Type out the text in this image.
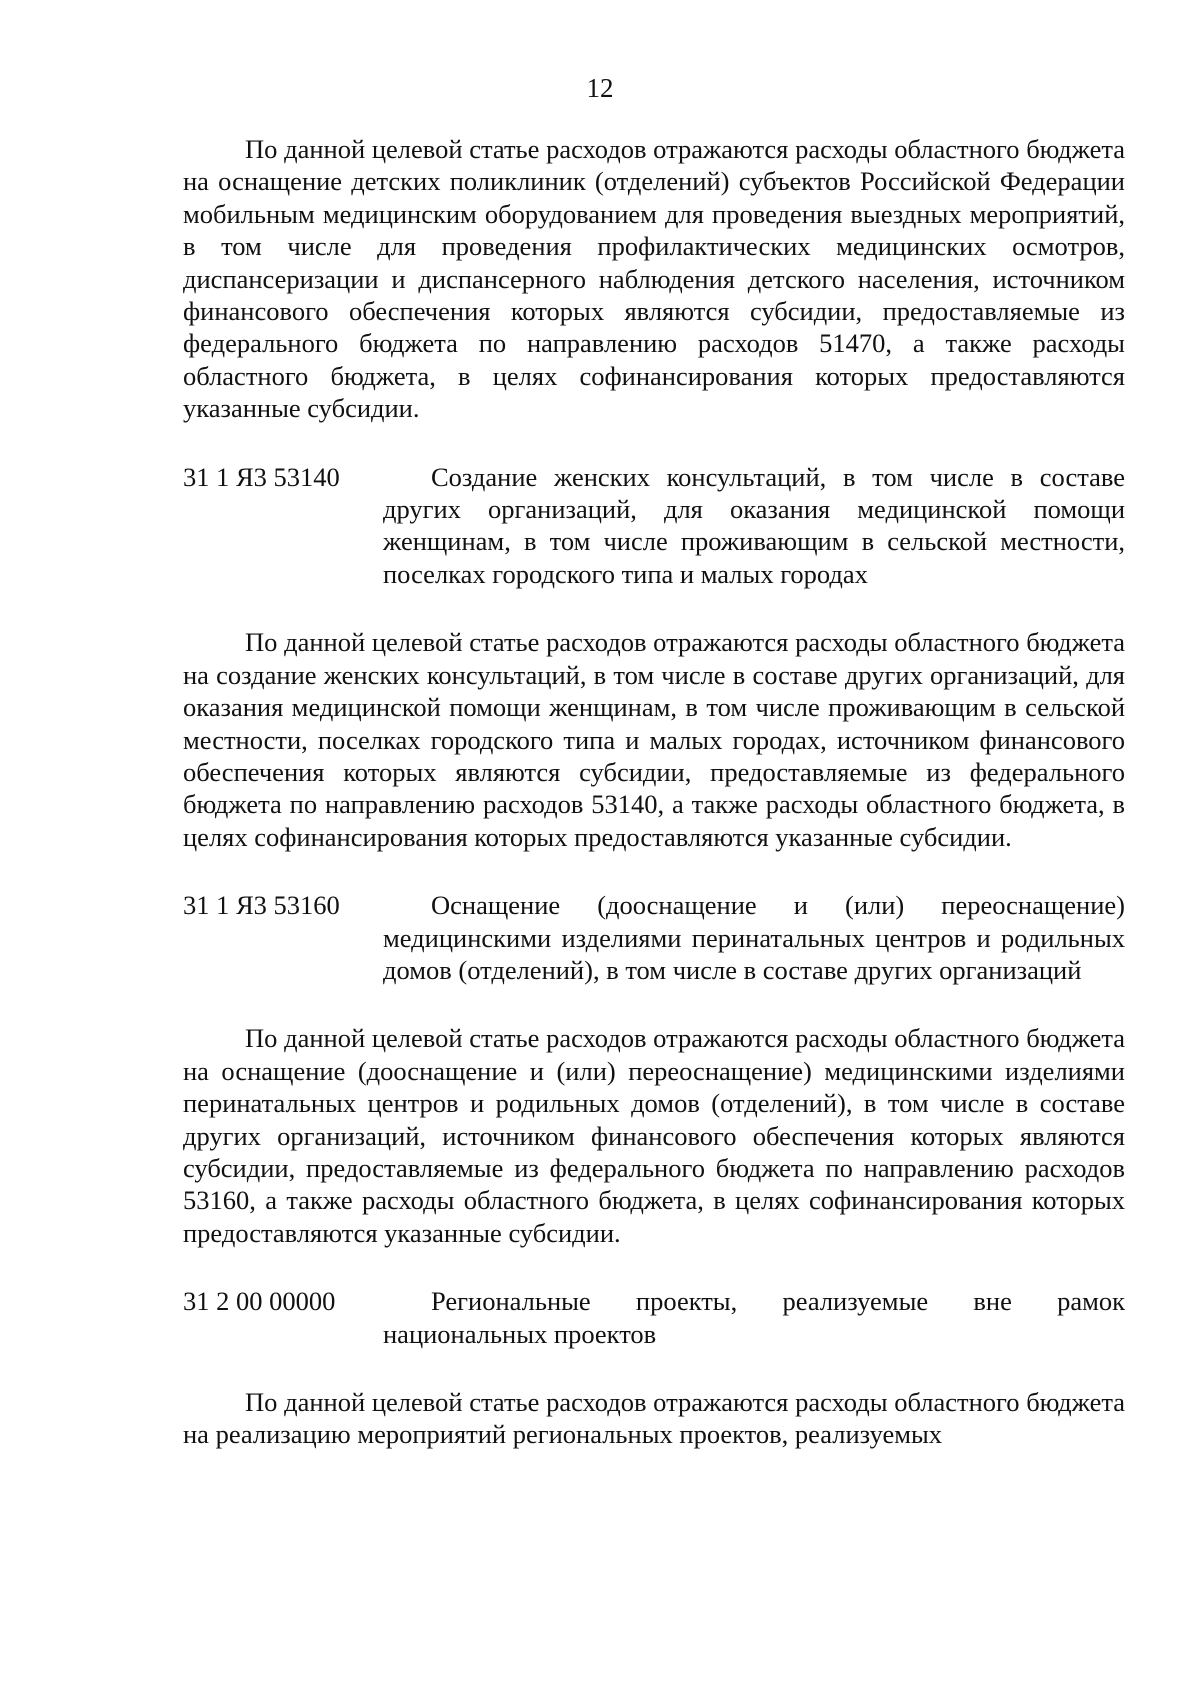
12

По данной целевой статье расходов отражаются расходы областного бюджета на оснащение детских поликлиник (отделений) субъектов Российской Федерации мобильным медицинским оборудованием для проведения выездных мероприятий, в том числе для проведения профилактических медицинских осмотров, диспансеризации и диспансерного наблюдения детского населения, источником финансового обеспечения которых являются субсидии, предоставляемые из федерального бюджета по направлению расходов 51470, а также расходы областного бюджета, в целях софинансирования которых предоставляются указанные субсидии.

31 1 Я3 53140	Создание женских консультаций, в том числе в составе других организаций, для оказания медицинской помощи женщинам, в том числе проживающим в сельской местности, поселках городского типа и малых городах

По данной целевой статье расходов отражаются расходы областного бюджета на создание женских консультаций, в том числе в составе других организаций, для оказания медицинской помощи женщинам, в том числе проживающим в сельской местности, поселках городского типа и малых городах, источником финансового обеспечения которых являются субсидии, предоставляемые из федерального бюджета по направлению расходов 53140, а также расходы областного бюджета, в целях софинансирования которых предоставляются указанные субсидии.

31 1 Я3 53160	Оснащение (дооснащение и (или) переоснащение) медицинскими изделиями перинатальных центров и родильных домов (отделений), в том числе в составе других организаций

По данной целевой статье расходов отражаются расходы областного бюджета на оснащение (дооснащение и (или) переоснащение) медицинскими изделиями перинатальных центров и родильных домов (отделений), в том числе в составе других организаций, источником финансового обеспечения которых являются субсидии, предоставляемые из федерального бюджета по направлению расходов 53160, а также расходы областного бюджета, в целях софинансирования которых предоставляются указанные субсидии.

31 2 00 00000	Региональные проекты, реализуемые вне рамок национальных проектов

По данной целевой статье расходов отражаются расходы областного бюджета на реализацию мероприятий региональных проектов, реализуемых
